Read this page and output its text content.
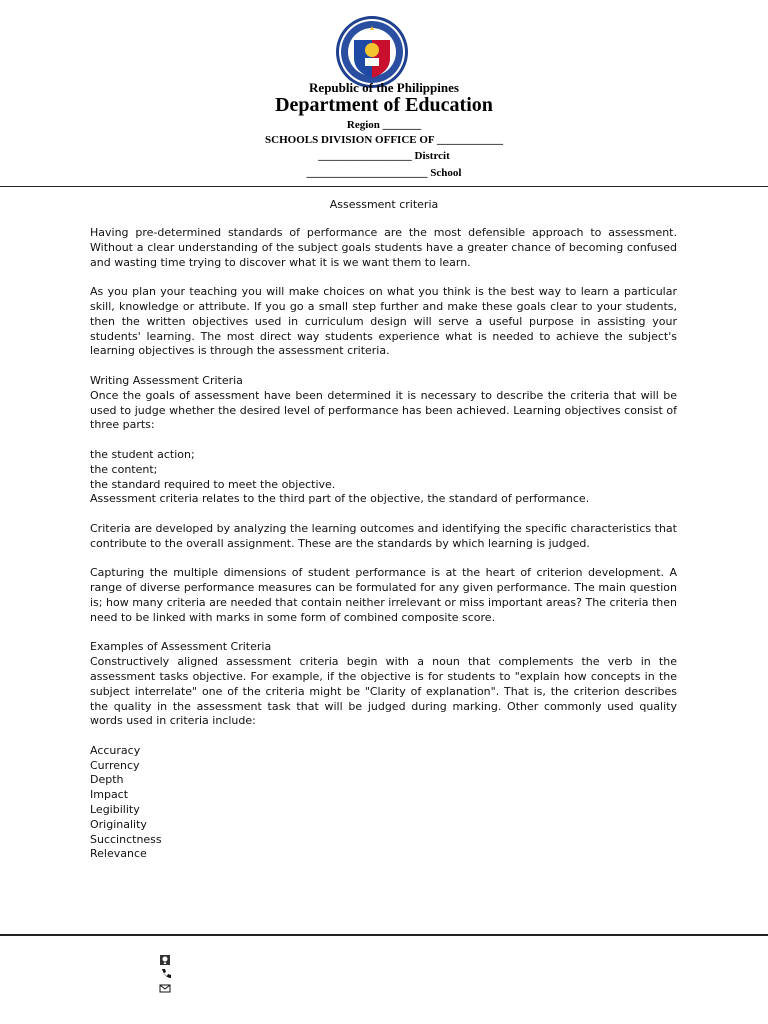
Republic of the Philippines
Department of Education
Region _______
SCHOOLS DIVISION OFFICE OF ____________
_________________ Distrcit
______________________ School
Assessment criteria

Having pre-determined standards of performance are the most defensible approach to assessment. Without a clear understanding of the subject goals students have a greater chance of becoming confused and wasting time trying to discover what it is we want them to learn.

As you plan your teaching you will make choices on what you think is the best way to learn a particular skill, knowledge or attribute. If you go a small step further and make these goals clear to your students, then the written objectives used in curriculum design will serve a useful purpose in assisting your students' learning. The most direct way students experience what is needed to achieve the subject's learning objectives is through the assessment criteria.

Writing Assessment Criteria

Once the goals of assessment have been determined it is necessary to describe the criteria that will be used to judge whether the desired level of performance has been achieved. Learning objectives consist of three parts:

the student action;

the content;

the standard required to meet the objective.

Assessment criteria relates to the third part of the objective, the standard of performance.

Criteria are developed by analyzing the learning outcomes and identifying the specific characteristics that contribute to the overall assignment. These are the standards by which learning is judged.

Capturing the multiple dimensions of student performance is at the heart of criterion development. A range of diverse performance measures can be formulated for any given performance. The main question is; how many criteria are needed that contain neither irrelevant or miss important areas? The criteria then need to be linked with marks in some form of combined composite score.

Examples of Assessment Criteria

Constructively aligned assessment criteria begin with a noun that complements the verb in the assessment tasks objective. For example, if the objective is for students to "explain how concepts in the subject interrelate" one of the criteria might be "Clarity of explanation". That is, the criterion describes the quality in the assessment task that will be judged during marking. Other commonly used quality words used in criteria include:

Accuracy
Currency
Depth
Impact
Legibility
Originality
Succinctness
Relevance
